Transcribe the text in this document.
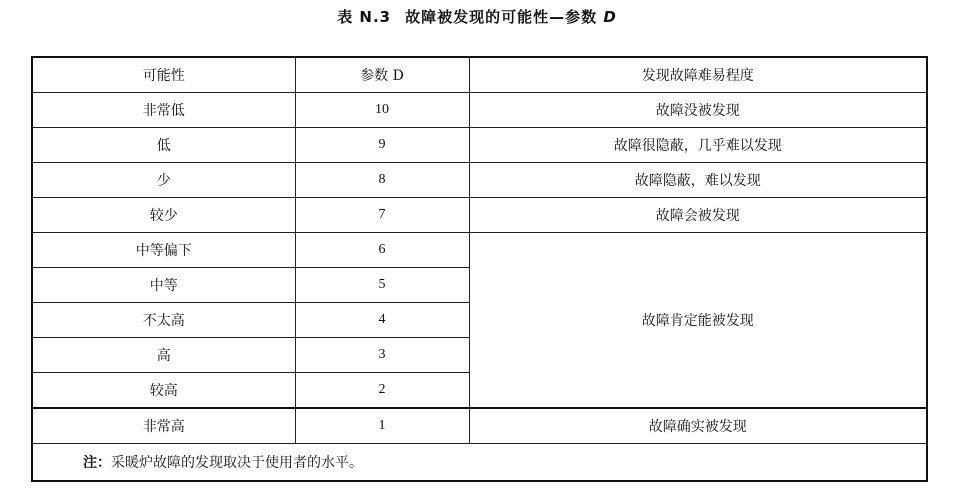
表 N.3 故障被发现的可能性—参数 D
可能性	参数 D	发现故障难易程度
非常低	10	故障没被发现
低	9	故障很隐蔽，几乎难以发现
少	8	故障隐蔽，难以发现
较少	7	故障会被发现
中等偏下	6	故障肯定能被发现
中等	5	
不太高	4	
高	3	
较高	2	
非常高	1	故障确实被发现
注：采暖炉故障的发现取决于使用者的水平。		
